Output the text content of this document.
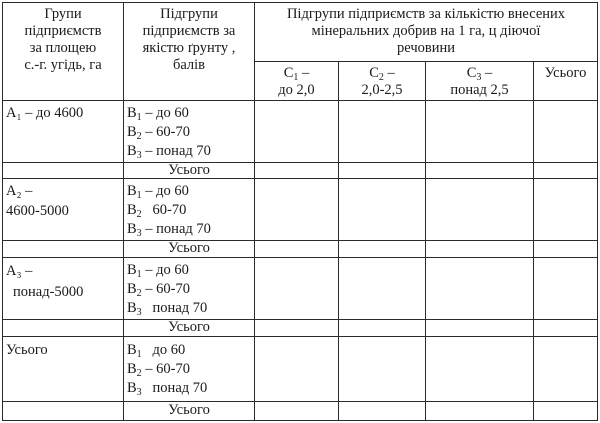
Групи
підприємств
за площею
с.-г. угідь, га
Підгрупи
підприємств за
якістю ґрунту ,
балів
Підгрупи підприємств за кількістю внесених
мінеральних добрив на 1 га, ц діючої
речовини
$С_1$ –
до 2,0
$С_2$ –
2,0-2,5
$С_3$ –
понад 2,5
Усього
А₁ – до 4600	$В_1$ – до 60
$В_2 - 60-70$
$В_3$ – понад 70
Усього
А₂ –
4600-5000
$В_1$ – до 60
$В_2$   60-70
$В_3$ – понад 70
Усього
А₃ –
понад-5000
$В_1$ – до 60
$В_2 - 60-70$
$В_3$   понад 70
Усього
Усього	$В_1$   до 60
$В_2 - 60-70$
$В_3$   понад 70
Усього
